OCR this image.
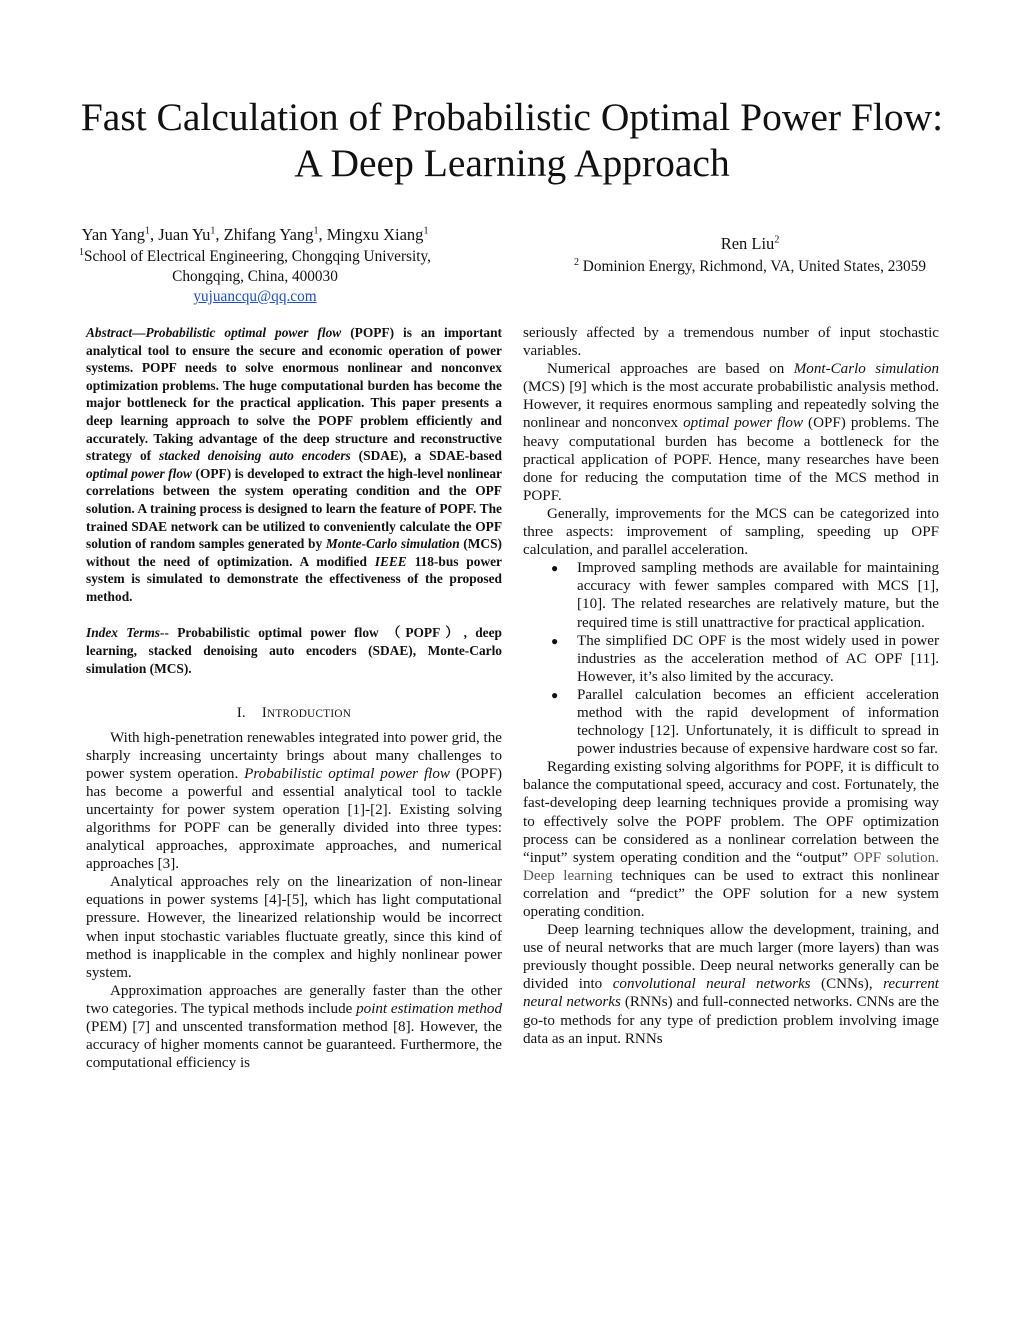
Fast Calculation of Probabilistic Optimal Power Flow:
A Deep Learning Approach
Yan Yang$^1$, Juan Yu$^1$, Zhifang Yang$^1$, Mingxu Xiang$^1$
$^1$School of Electrical Engineering, Chongqing University,
Chongqing, China, 400030
yujuancqu@qq.com
Ren Liu$^2$
$^2$ Dominion Energy, Richmond, VA, United States, 23059

Abstract—Probabilistic optimal power flow (POPF) is an important analytical tool to ensure the secure and economic operation of power systems. POPF needs to solve enormous nonlinear and nonconvex optimization problems. The huge computational burden has become the major bottleneck for the practical application. This paper presents a deep learning approach to solve the POPF problem efficiently and accurately. Taking advantage of the deep structure and reconstructive strategy of stacked denoising auto encoders (SDAE), a SDAE-based optimal power flow (OPF) is developed to extract the high-level nonlinear correlations between the system operating condition and the OPF solution. A training process is designed to learn the feature of POPF. The trained SDAE network can be utilized to conveniently calculate the OPF solution of random samples generated by Monte-Carlo simulation (MCS) without the need of optimization. A modified IEEE 118-bus power system is simulated to demonstrate the effectiveness of the proposed method.

Index Terms-- Probabilistic optimal power flow （POPF）, deep learning, stacked denoising auto encoders (SDAE), Monte-Carlo simulation (MCS).

I. INTRODUCTION

With high-penetration renewables integrated into power grid, the sharply increasing uncertainty brings about many challenges to power system operation. Probabilistic optimal power flow (POPF) has become a powerful and essential analytical tool to tackle uncertainty for power system operation [1]-[2]. Existing solving algorithms for POPF can be generally divided into three types: analytical approaches, approximate approaches, and numerical approaches [3].

Analytical approaches rely on the linearization of non-linear equations in power systems [4]-[5], which has light computational pressure. However, the linearized relationship would be incorrect when input stochastic variables fluctuate greatly, since this kind of method is inapplicable in the complex and highly nonlinear power system.

Approximation approaches are generally faster than the other two categories. The typical methods include point estimation method (PEM) [7] and unscented transformation method [8]. However, the accuracy of higher moments cannot be guaranteed. Furthermore, the computational efficiency is

seriously affected by a tremendous number of input stochastic variables.

Numerical approaches are based on Mont-Carlo simulation (MCS) [9] which is the most accurate probabilistic analysis method. However, it requires enormous sampling and repeatedly solving the nonlinear and nonconvex optimal power flow (OPF) problems. The heavy computational burden has become a bottleneck for the practical application of POPF. Hence, many researches have been done for reducing the computation time of the MCS method in POPF.

Generally, improvements for the MCS can be categorized into three aspects: improvement of sampling, speeding up OPF calculation, and parallel acceleration.

● Improved sampling methods are available for maintaining accuracy with fewer samples compared with MCS [1], [10]. The related researches are relatively mature, but the required time is still unattractive for practical application.
● The simplified DC OPF is the most widely used in power industries as the acceleration method of AC OPF [11]. However, it’s also limited by the accuracy.
● Parallel calculation becomes an efficient acceleration method with the rapid development of information technology [12]. Unfortunately, it is difficult to spread in power industries because of expensive hardware cost so far.

Regarding existing solving algorithms for POPF, it is difficult to balance the computational speed, accuracy and cost. Fortunately, the fast-developing deep learning techniques provide a promising way to effectively solve the POPF problem. The OPF optimization process can be considered as a nonlinear correlation between the “input” system operating condition and the “output” OPF solution. Deep learning techniques can be used to extract this nonlinear correlation and “predict” the OPF solution for a new system operating condition.

Deep learning techniques allow the development, training, and use of neural networks that are much larger (more layers) than was previously thought possible. Deep neural networks generally can be divided into convolutional neural networks (CNNs), recurrent neural networks (RNNs) and full-connected networks. CNNs are the go-to methods for any type of prediction problem involving image data as an input. RNNs
